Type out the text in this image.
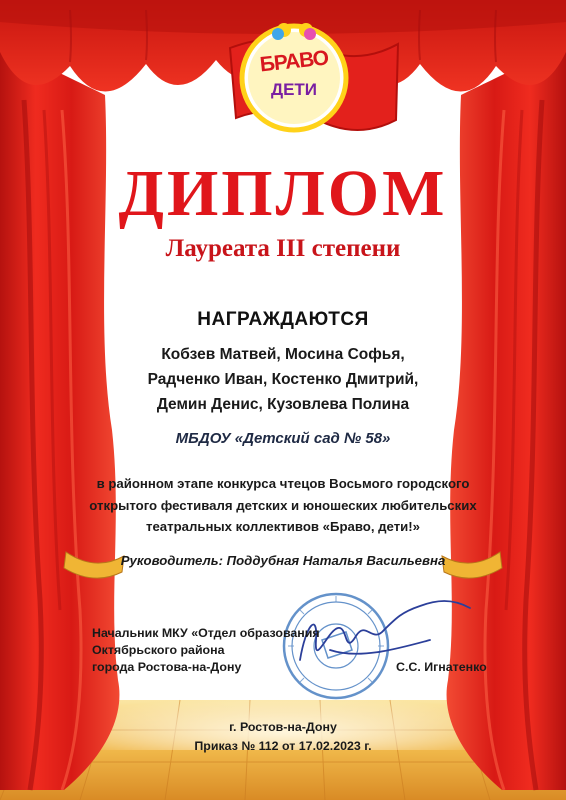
БРАВО
ДЕТИ
ДИПЛОМ
Лауреата III степени
НАГРАЖДАЮТСЯ
Кобзев Матвей, Мосина Софья,
Радченко Иван, Костенко Дмитрий,
Демин Денис, Кузовлева Полина
МБДОУ «Детский сад № 58»
в районном этапе конкурса чтецов Восьмого городского
открытого фестиваля детских и юношеских любительских
театральных коллективов «Браво, дети!»
Руководитель: Поддубная Наталья Васильевна
Начальник МКУ «Отдел образования
Октябрьского района
города Ростова-на-Дону	С.С. Игнатенко
г. Ростов-на-Дону
Приказ № 112 от 17.02.2023 г.
